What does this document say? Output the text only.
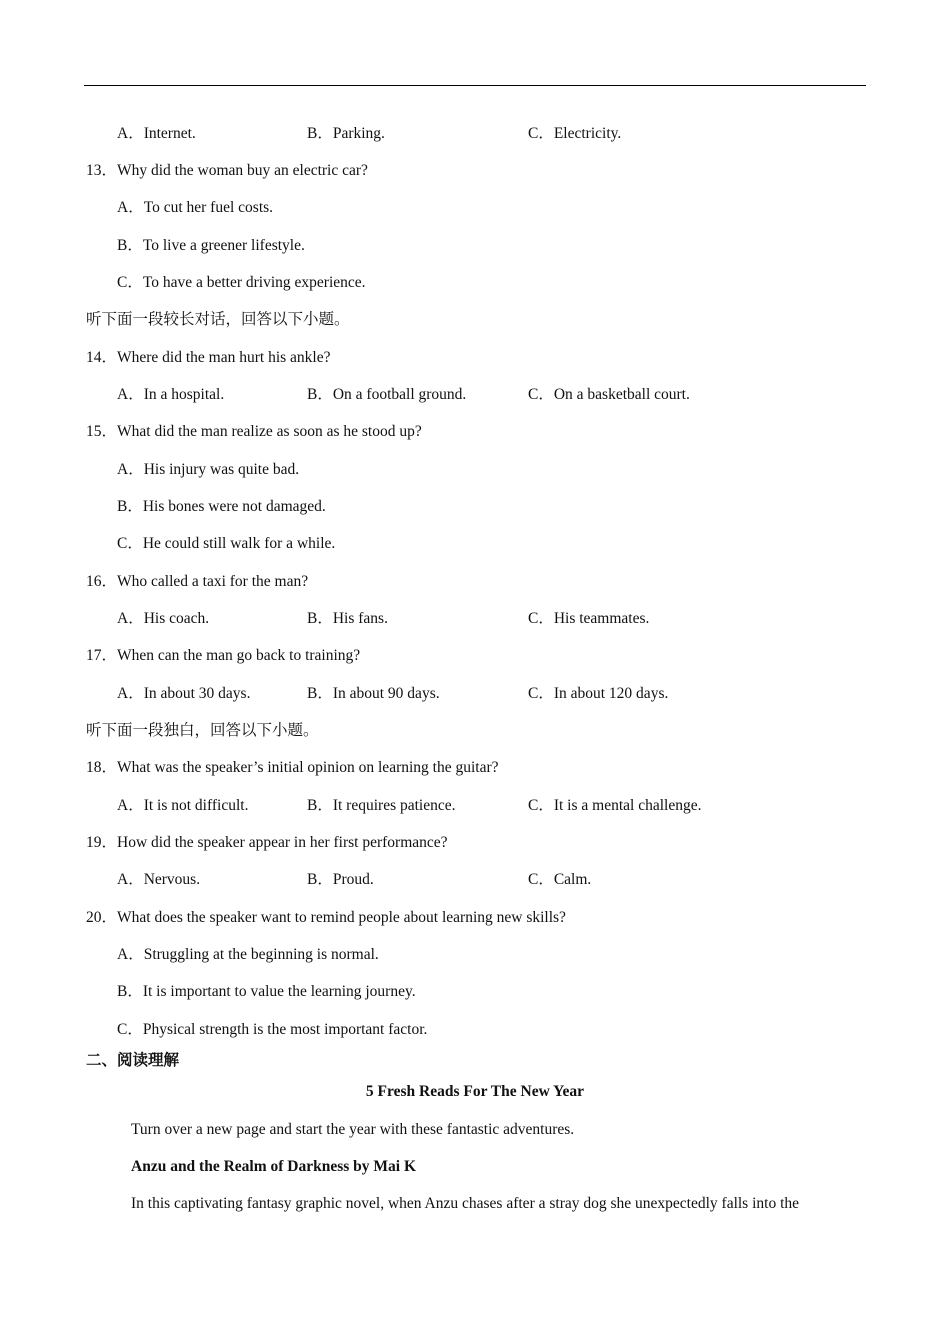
A．Internet.	B．Parking.	C．Electricity.
13．Why did the woman buy an electric car?
A．To cut her fuel costs.
B．To live a greener lifestyle.
C．To have a better driving experience.
听下面一段较长对话，回答以下小题。
14．Where did the man hurt his ankle?
A．In a hospital.	B．On a football ground.	C．On a basketball court.
15．What did the man realize as soon as he stood up?
A．His injury was quite bad.
B．His bones were not damaged.
C．He could still walk for a while.
16．Who called a taxi for the man?
A．His coach.	B．His fans.	C．His teammates.
17．When can the man go back to training?
A．In about 30 days.	B．In about 90 days.	C．In about 120 days.
听下面一段独白，回答以下小题。
18．What was the speaker’s initial opinion on learning the guitar?
A．It is not difficult.	B．It requires patience.	C．It is a mental challenge.
19．How did the speaker appear in her first performance?
A．Nervous.	B．Proud.	C．Calm.
20．What does the speaker want to remind people about learning new skills?
A．Struggling at the beginning is normal.
B．It is important to value the learning journey.
C．Physical strength is the most important factor.
二、阅读理解
5 Fresh Reads For The New Year
Turn over a new page and start the year with these fantastic adventures.
Anzu and the Realm of Darkness by Mai K
In this captivating fantasy graphic novel, when Anzu chases after a stray dog she unexpectedly falls into the
